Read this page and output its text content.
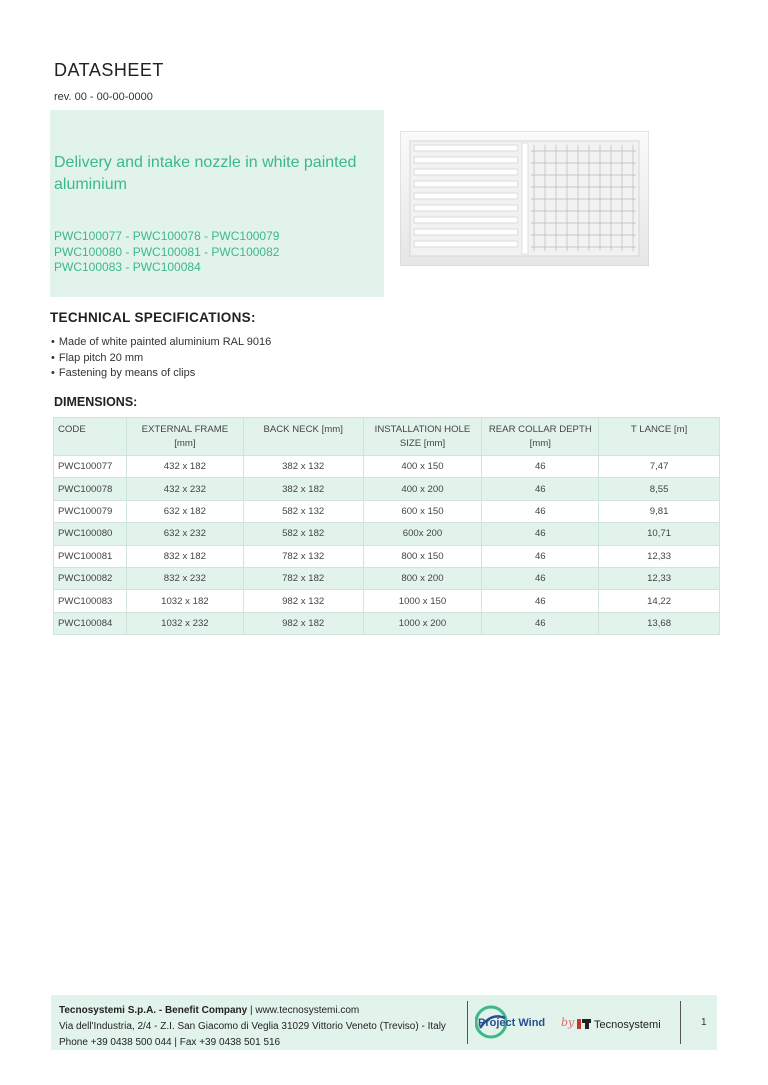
DATASHEET
rev. 00 - 00-00-0000
Delivery and intake nozzle in white painted aluminium
PWC100077 - PWC100078 - PWC100079
PWC100080 - PWC100081 - PWC100082
PWC100083 - PWC100084
TECHNICAL SPECIFICATIONS:
• Made of white painted aluminium RAL 9016
• Flap pitch 20 mm
• Fastening by means of clips
DIMENSIONS:
CODE	EXTERNAL FRAME [mm]	BACK NECK [mm]	INSTALLATION HOLE SIZE [mm]	REAR COLLAR DEPTH [mm]	T LANCE [m]
PWC100077	432 x 182	382 x 132	400 x 150	46	7,47
PWC100078	432 x 232	382 x 182	400 x 200	46	8,55
PWC100079	632 x 182	582 x 132	600 x 150	46	9,81
PWC100080	632 x 232	582 x 182	600x 200	46	10,71
PWC100081	832 x 182	782 x 132	800 x 150	46	12,33
PWC100082	832 x 232	782 x 182	800 x 200	46	12,33
PWC100083	1032 x 182	982 x 132	1000 x 150	46	14,22
PWC100084	1032 x 232	982 x 182	1000 x 200	46	13,68
Tecnosystemi S.p.A. - Benefit Company | www.tecnosystemi.com
Via dell'Industria, 2/4 - Z.I. San Giacomo di Veglia 31029 Vittorio Veneto (Treviso) - Italy
Phone +39 0438 500 044 | Fax +39 0438 501 516
Project Wind by Tecnosystemi	1
